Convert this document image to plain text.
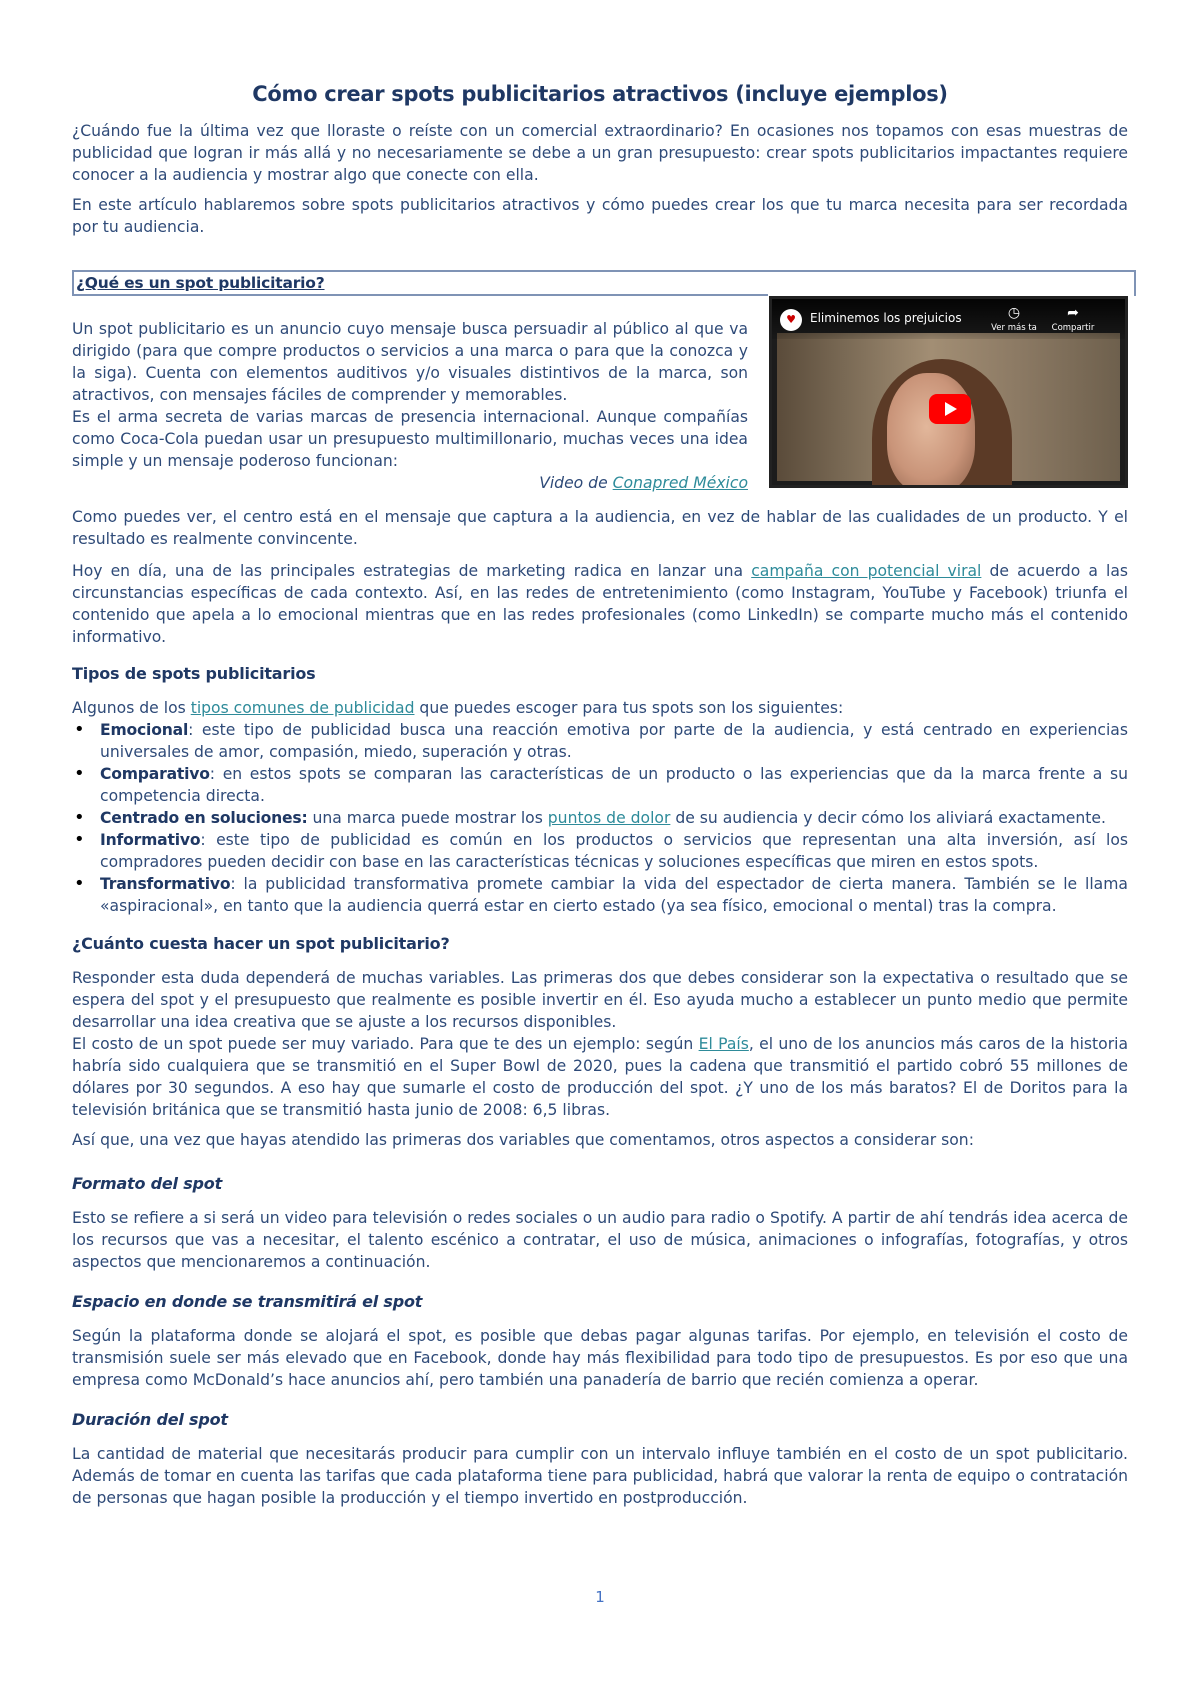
Cómo crear spots publicitarios atractivos (incluye ejemplos)

¿Cuándo fue la última vez que lloraste o reíste con un comercial extraordinario? En ocasiones nos topamos con esas muestras de publicidad que logran ir más allá y no necesariamente se debe a un gran presupuesto: crear spots publicitarios impactantes requiere conocer a la audiencia y mostrar algo que conecte con ella.

En este artículo hablaremos sobre spots publicitarios atractivos y cómo puedes crear los que tu marca necesita para ser recordada por tu audiencia.

¿Qué es un spot publicitario?

Un spot publicitario es un anuncio cuyo mensaje busca persuadir al público al que va dirigido (para que compre productos o servicios a una marca o para que la conozca y la siga). Cuenta con elementos auditivos y/o visuales distintivos de la marca, son atractivos, con mensajes fáciles de comprender y memorables.

Es el arma secreta de varias marcas de presencia internacional. Aunque compañías como Coca-Cola puedan usar un presupuesto multimillonario, muchas veces una idea simple y un mensaje poderoso funcionan:

Video de Conapred México

♥	Eliminemos los prejuicios	◷
Ver más ta
➦
Compartir

Como puedes ver, el centro está en el mensaje que captura a la audiencia, en vez de hablar de las cualidades de un producto. Y el resultado es realmente convincente.

Hoy en día, una de las principales estrategias de marketing radica en lanzar una campaña con potencial viral de acuerdo a las circunstancias específicas de cada contexto. Así, en las redes de entretenimiento (como Instagram, YouTube y Facebook) triunfa el contenido que apela a lo emocional mientras que en las redes profesionales (como LinkedIn) se comparte mucho más el contenido informativo.

Tipos de spots publicitarios

Algunos de los tipos comunes de publicidad que puedes escoger para tus spots son los siguientes:

• Emocional: este tipo de publicidad busca una reacción emotiva por parte de la audiencia, y está centrado en experiencias universales de amor, compasión, miedo, superación y otras.
• Comparativo: en estos spots se comparan las características de un producto o las experiencias que da la marca frente a su competencia directa.
• Centrado en soluciones: una marca puede mostrar los puntos de dolor de su audiencia y decir cómo los aliviará exactamente.
• Informativo: este tipo de publicidad es común en los productos o servicios que representan una alta inversión, así los compradores pueden decidir con base en las características técnicas y soluciones específicas que miren en estos spots.
• Transformativo: la publicidad transformativa promete cambiar la vida del espectador de cierta manera. También se le llama «aspiracional», en tanto que la audiencia querrá estar en cierto estado (ya sea físico, emocional o mental) tras la compra.
¿Cuánto cuesta hacer un spot publicitario?

Responder esta duda dependerá de muchas variables. Las primeras dos que debes considerar son la expectativa o resultado que se espera del spot y el presupuesto que realmente es posible invertir en él. Eso ayuda mucho a establecer un punto medio que permite desarrollar una idea creativa que se ajuste a los recursos disponibles.

El costo de un spot puede ser muy variado. Para que te des un ejemplo: según El País, el uno de los anuncios más caros de la historia habría sido cualquiera que se transmitió en el Super Bowl de 2020, pues la cadena que transmitió el partido cobró 55 millones de dólares por 30 segundos. A eso hay que sumarle el costo de producción del spot. ¿Y uno de los más baratos? El de Doritos para la televisión británica que se transmitió hasta junio de 2008: 6,5 libras.

Así que, una vez que hayas atendido las primeras dos variables que comentamos, otros aspectos a considerar son:

Formato del spot

Esto se refiere a si será un video para televisión o redes sociales o un audio para radio o Spotify. A partir de ahí tendrás idea acerca de los recursos que vas a necesitar, el talento escénico a contratar, el uso de música, animaciones o infografías, fotografías, y otros aspectos que mencionaremos a continuación.

Espacio en donde se transmitirá el spot

Según la plataforma donde se alojará el spot, es posible que debas pagar algunas tarifas. Por ejemplo, en televisión el costo de transmisión suele ser más elevado que en Facebook, donde hay más flexibilidad para todo tipo de presupuestos. Es por eso que una empresa como McDonald’s hace anuncios ahí, pero también una panadería de barrio que recién comienza a operar.

Duración del spot

La cantidad de material que necesitarás producir para cumplir con un intervalo influye también en el costo de un spot publicitario. Además de tomar en cuenta las tarifas que cada plataforma tiene para publicidad, habrá que valorar la renta de equipo o contratación de personas que hagan posible la producción y el tiempo invertido en postproducción.

1
